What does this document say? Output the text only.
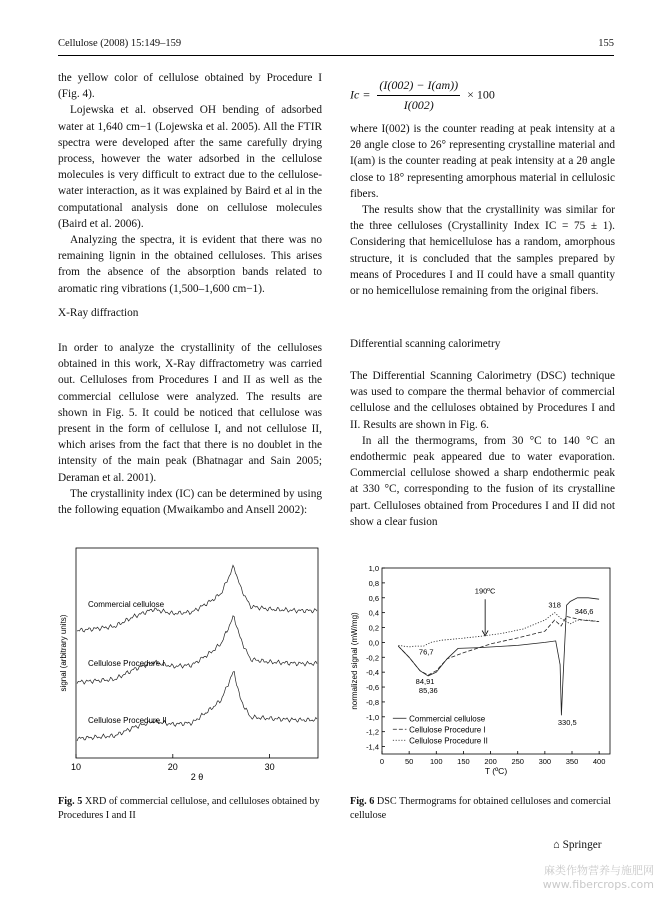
Cellulose (2008) 15:149–159	155

the yellow color of cellulose obtained by Procedure I (Fig. 4).

Lojewska et al. observed OH bending of adsorbed water at 1,640 cm−1 (Lojewska et al. 2005). All the FTIR spectra were developed after the same carefully drying process, however the water adsorbed in the cellulose molecules is very difficult to extract due to the cellulose-water interaction, as it was explained by Baird et al in the computational analysis done on cellulose molecules (Baird et al. 2006).

Analyzing the spectra, it is evident that there was no remaining lignin in the obtained celluloses. This arises from the absence of the absorption bands related to aromatic ring vibrations (1,500–1,600 cm−1).

X-Ray diffraction

In order to analyze the crystallinity of the celluloses obtained in this work, X-Ray diffractometry was carried out. Celluloses from Procedures I and II as well as the commercial cellulose were analyzed. The results are shown in Fig. 5. It could be noticed that cellulose was present in the form of cellulose I, and not cellulose II, which arises from the fact that there is no doublet in the intensity of the main peak (Bhatnagar and Sain 2005; Deraman et al. 2001).

The crystallinity index (IC) can be determined by using the following equation (Mwaikambo and Ansell 2002):

$Ic = \frac{(I(002) - I(am))}{I(002)} \times 100$

where I(002) is the counter reading at peak intensity at a 2θ angle close to 26° representing crystalline material and I(am) is the counter reading at peak intensity at a 2θ angle close to 18° representing amorphous material in cellulosic fibers.

The results show that the crystallinity was similar for the three celluloses (Crystallinity Index IC = 75 ± 1). Considering that hemicellulose has a random, amorphous structure, it is concluded that the samples prepared by means of Procedures I and II could have a small quantity or no hemicellulose remaining from the original fibers.

Differential scanning calorimetry

The Differential Scanning Calorimetry (DSC) technique was used to compare the thermal behavior of commercial cellulose and the celluloses obtained by Procedures I and II. Results are shown in Fig. 6.

In all the thermograms, from 30 °C to 140 °C an endothermic peak appeared due to water evaporation. Commercial cellulose showed a sharp endothermic peak at 330 °C, corresponding to the fusion of its crystalline part. Celluloses obtained from Procedures I and II did not show a clear fusion

10	20	30
2 θ
signal (arbitrary units)
Commercial cellulose
Cellulose Procedure I
Cellulose Procedure II
Fig. 5 XRD of commercial cellulose, and celluloses obtained by Procedures I and II
1,0
0,8
0,6
0,4
0,2
0,0
-0,2
-0,4
-0,6
-0,8
-1,0
-1,2
-1,4
0	50 100 150 200 250 300 350 400
T (ºC)
normalized signal (mW/mg)
190ºC
318
346,6
76,7
84,91
85,36
330,5
Commercial cellulose
Cellulose Procedure I
Cellulose Procedure II
Fig. 6 DSC Thermograms for obtained celluloses and comercial cellulose
⌂ Springer
麻类作物营养与施肥网
www.fibercrops.com
